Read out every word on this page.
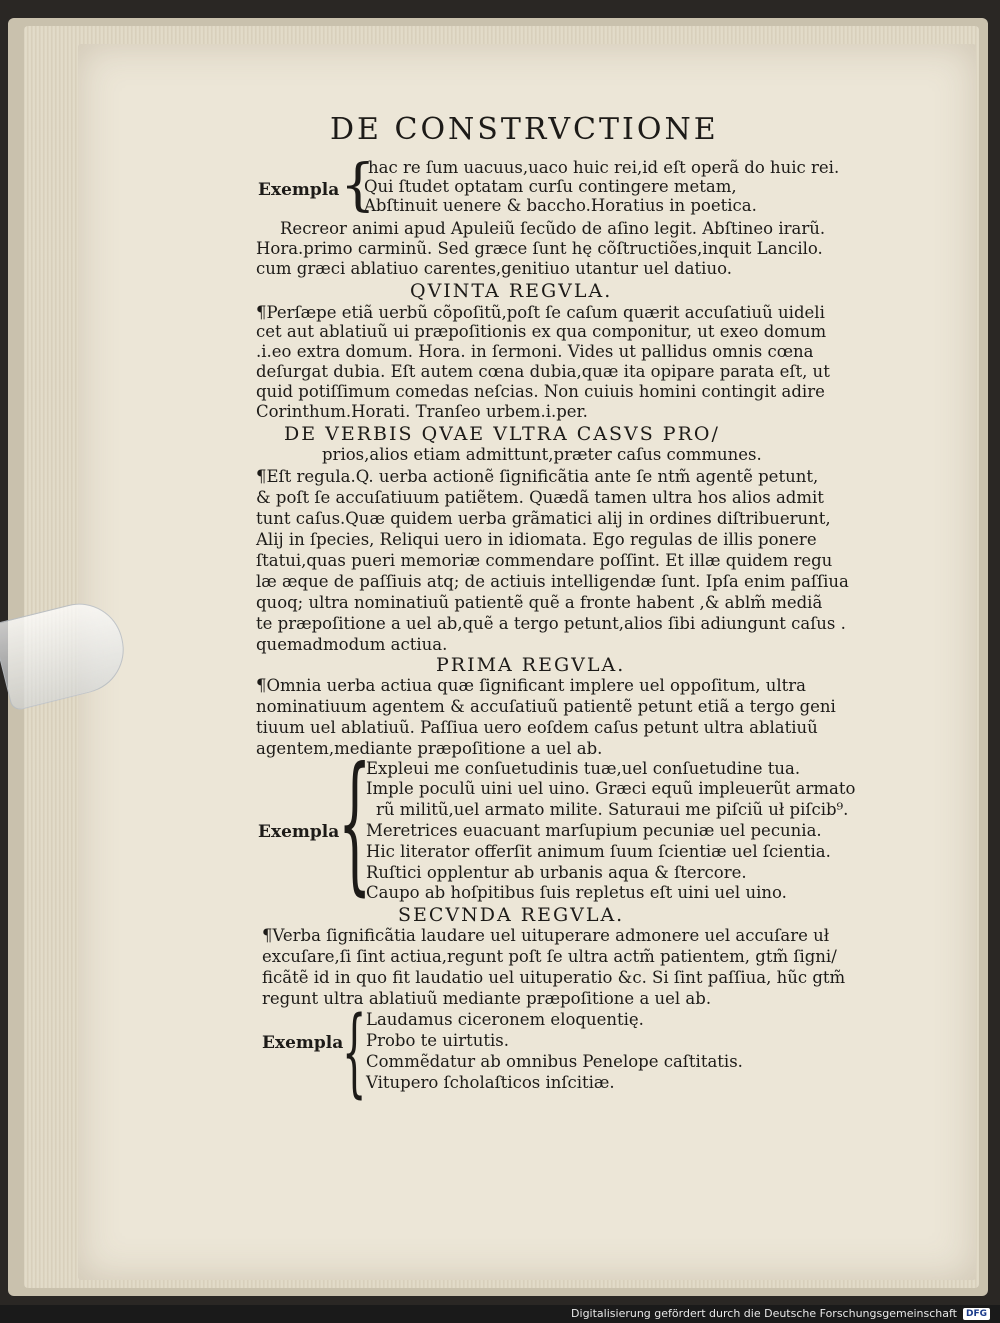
DE CONSTRVCTIONE
Exempla {
hac re ſum uacuus,uaco huic rei,id eſt operã do huic rei.
Qui ſtudet optatam curſu contingere metam,
Abſtinuit uenere & baccho.Horatius in poetica.
Recreor animi apud Apuleiũ ſecũdo de aſino legit. Abſtineo irarũ.
Hora.primo carminũ. Sed græce ſunt hę cõſtructiões,inquit Lancilo.
cum græci ablatiuo carentes,genitiuo utantur uel datiuo.
QVINTA REGVLA.
¶Perſæpe etiã uerbũ cõpoſitũ,poſt ſe caſum quærit accuſatiuũ uideli
cet aut ablatiuũ ui præpoſitionis ex qua componitur, ut exeo domum
.i.eo extra domum. Hora. in ſermoni. Vides ut pallidus omnis cœna
deſurgat dubia. Eſt autem cœna dubia,quæ ita opipare parata eſt, ut
quid potiſſimum comedas neſcias. Non cuiuis homini contingit adire
Corinthum.Horati. Tranſeo urbem.i.per.
DE VERBIS QVAE VLTRA CASVS PRO/
prios,alios etiam admittunt,præter caſus communes.
¶Eſt regula.Q. uerba actionẽ ſignificãtia ante ſe ntm̃ agentẽ petunt,
& poſt ſe accuſatiuum patiẽtem. Quædã tamen ultra hos alios admit
tunt caſus.Quæ quidem uerba grãmatici alij in ordines diſtribuerunt,
Alij in ſpecies, Reliqui uero in idiomata. Ego regulas de illis ponere
ſtatui,quas pueri memoriæ commendare poſſint. Et illæ quidem regu
læ æque de paſſiuis atq; de actiuis intelligendæ ſunt. Ipſa enim paſſiua
quoq; ultra nominatiuũ patientẽ quẽ a fronte habent ,& ablm̃ mediã
te præpoſitione a uel ab,quẽ a tergo petunt,alios ſibi adiungunt caſus .
quemadmodum actiua.
PRIMA REGVLA.
¶Omnia uerba actiua quæ ſignificant implere uel oppoſitum, ultra
nominatiuum agentem & accuſatiuũ patientẽ petunt etiã a tergo geni
tiuum uel ablatiuũ. Paſſiua uero eoſdem caſus petunt ultra ablatiuũ
agentem,mediante præpoſitione a uel ab.
Exempla
{
Expleui me conſuetudinis tuæ,uel conſuetudine tua.
Imple poculũ uini uel uino. Græci equũ impleuerũt armato
rũ militũ,uel armato milite. Saturaui me piſciũ uł piſcib⁹.
Meretrices euacuant marſupium pecuniæ uel pecunia.
Hic literator offerſit animum ſuum ſcientiæ uel ſcientia.
Ruſtici opplentur ab urbanis aqua & ſtercore.
Caupo ab hoſpitibus ſuis repletus eſt uini uel uino.
SECVNDA REGVLA.
¶Verba ſignificãtia laudare uel uituperare admonere uel accuſare uł
excuſare,ſi ſint actiua,regunt poſt ſe ultra actm̃ patientem, gtm̃ ſigni/
ficãtẽ id in quo fit laudatio uel uituperatio &c. Si ſint paſſiua, hũc gtm̃
regunt ultra ablatiuũ mediante præpoſitione a uel ab.
Exempla
{ Laudamus ciceronem eloquentię.
Probo te uirtutis.
Commẽdatur ab omnibus Penelope caſtitatis.
Vitupero ſcholaſticos inſcitiæ.
Digitalisierung gefördert durch die Deutsche Forschungsgemeinschaft	DFG
